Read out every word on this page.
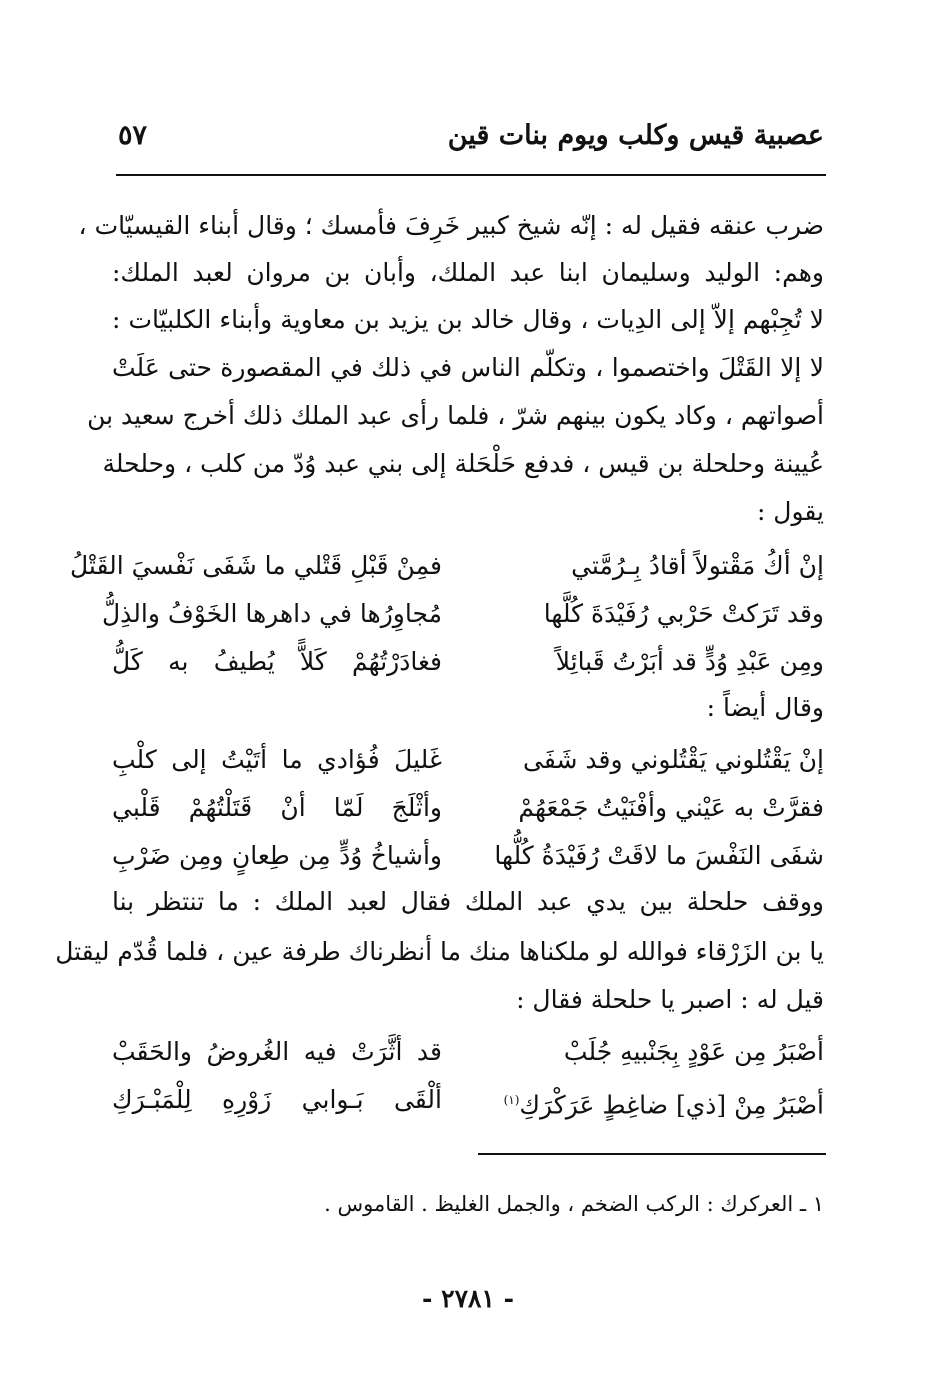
عصبية قيس وكلب ويوم بنات قين
٥٧
ضرب عنقه فقيل له : إنّه شيخ كبير خَرِفَ فأمسك ؛ وقال أبناء القيسيّات ،
وهم: الوليد وسليمان ابنا عبد الملك، وأبان بن مروان لعبد الملك:
لا تُجِبْهم إلاّ إلى الدِيات ، وقال خالد بن يزيد بن معاوية وأبناء الكلبيّات :
لا إلا القَتْلَ واختصموا ، وتكلّم الناس في ذلك في المقصورة حتى عَلَتْ
أصواتهم ، وكاد يكون بينهم شرّ ، فلما رأى عبد الملك ذلك أخرج سعيد بن
عُيينة وحلحلة بن قيس ، فدفع حَلْحَلة إلى بني عبد وُدّ من كلب ، وحلحلة
يقول :
إنْ أكُ مَقْتولاً أقادُ بِـرُمَّتي
فمِنْ قَبْلِ قَتْلي ما شَفَى نَفْسيَ القَتْلُ
وقد تَرَكتْ حَرْبي رُفَيْدَةَ كُلَّها
مُجاوِرُها في داهرها الخَوْفُ والذِلُّ
ومِن عَبْدِ وُدٍّ قد أبَرْتُ قَبائِلاً
فغادَرْتُهُمْ كَلاًّ يُطيفُ به كَلُّ
وقال أيضاً :
إنْ يَقْتُلوني يَقْتُلوني وقد شَفَى
غَليلَ فُؤادي ما أتَيْتُ إلى كلْبِ
فقرَّتْ به عَيْني وأفْنَيْتُ جَمْعَهُمْ
وأثْلَجَ لَمّا أنْ قَتَلْتُهُمْ قَلْبي
شفَى النَفْسَ ما لاقَتْ رُفَيْدَةُ كُلُّها
وأشياخُ وُدٍّ مِن طِعانٍ ومِن ضَرْبِ
ووقف حلحلة بين يدي عبد الملك فقال لعبد الملك : ما تنتظر بنا
يا بن الزَرْقاء فوالله لو ملكناها منك ما أنظرناك طرفة عين ، فلما قُدّم ليقتل
قيل له : اصبر يا حلحلة فقال :
أصْبَرُ مِن عَوْدٍ بِجَنْبيهِ جُلَبْ
قد أثَّرَتْ فيه الغُروضُ والحَقَبْ
أصْبَرُ مِنْ [ذي] ضاغِطٍ عَرَكْرَكِ$^{(١)}$
ألْقَى بَـوابي زَوْرِهِ لِلْمَبْـرَكِ
١ ـ العركرك : الركب الضخم ، والجمل الغليظ . القاموس .
- ٢٧٨١ -
